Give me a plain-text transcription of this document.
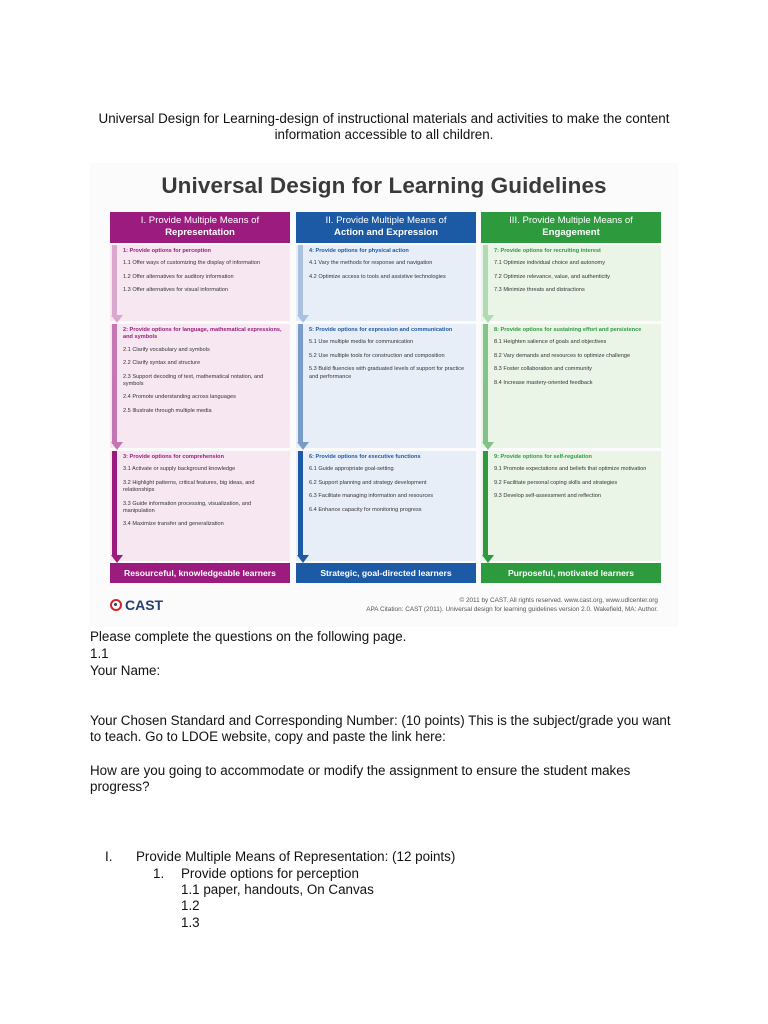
Universal Design for Learning-design of instructional materials and activities to make the content information accessible to all children.
Universal Design for Learning Guidelines
I. Provide Multiple Means of
Representation
1: Provide options for perception
1.1 Offer ways of customizing the display of information
1.2 Offer alternatives for auditory information
1.3 Offer alternatives for visual information
2: Provide options for language, mathematical expressions, and symbols
2.1 Clarify vocabulary and symbols
2.2 Clarify syntax and structure
2.3 Support decoding of text, mathematical notation, and symbols
2.4 Promote understanding across languages
2.5 Illustrate through multiple media
3: Provide options for comprehension
3.1 Activate or supply background knowledge
3.2 Highlight patterns, critical features, big ideas, and relationships
3.3 Guide information processing, visualization, and manipulation
3.4 Maximize transfer and generalization
Resourceful, knowledgeable learners
II. Provide Multiple Means of
Action and Expression
4: Provide options for physical action
4.1 Vary the methods for response and navigation
4.2 Optimize access to tools and assistive technologies
5: Provide options for expression and communication
5.1 Use multiple media for communication
5.2 Use multiple tools for construction and composition
5.3 Build fluencies with graduated levels of support for practice and performance
6: Provide options for executive functions
6.1 Guide appropriate goal-setting
6.2 Support planning and strategy development
6.3 Facilitate managing information and resources
6.4 Enhance capacity for monitoring progress
Strategic, goal-directed learners
III. Provide Multiple Means of
Engagement
7: Provide options for recruiting interest
7.1 Optimize individual choice and autonomy
7.2 Optimize relevance, value, and authenticity
7.3 Minimize threats and distractions
8: Provide options for sustaining effort and persistence
8.1 Heighten salience of goals and objectives
8.2 Vary demands and resources to optimize challenge
8.3 Foster collaboration and community
8.4 Increase mastery-oriented feedback
9: Provide options for self-regulation
9.1 Promote expectations and beliefs that optimize motivation
9.2 Facilitate personal coping skills and strategies
9.3 Develop self-assessment and reflection
Purposeful, motivated learners
CAST	© 2011 by CAST. All rights reserved. www.cast.org, www.udlcenter.org
APA Citation: CAST (2011). Universal design for learning guidelines version 2.0. Wakefield, MA: Author.
Please complete the questions on the following page.
1.1
Your Name:
Your Chosen Standard and Corresponding Number: (10 points) This is the subject/grade you want to teach. Go to LDOE website, copy and paste the link here:
How are you going to accommodate or modify the assignment to ensure the student makes progress?
I. Provide Multiple Means of Representation: (12 points)
1. Provide options for perception
1.1 paper, handouts, On Canvas
1.2
1.3
